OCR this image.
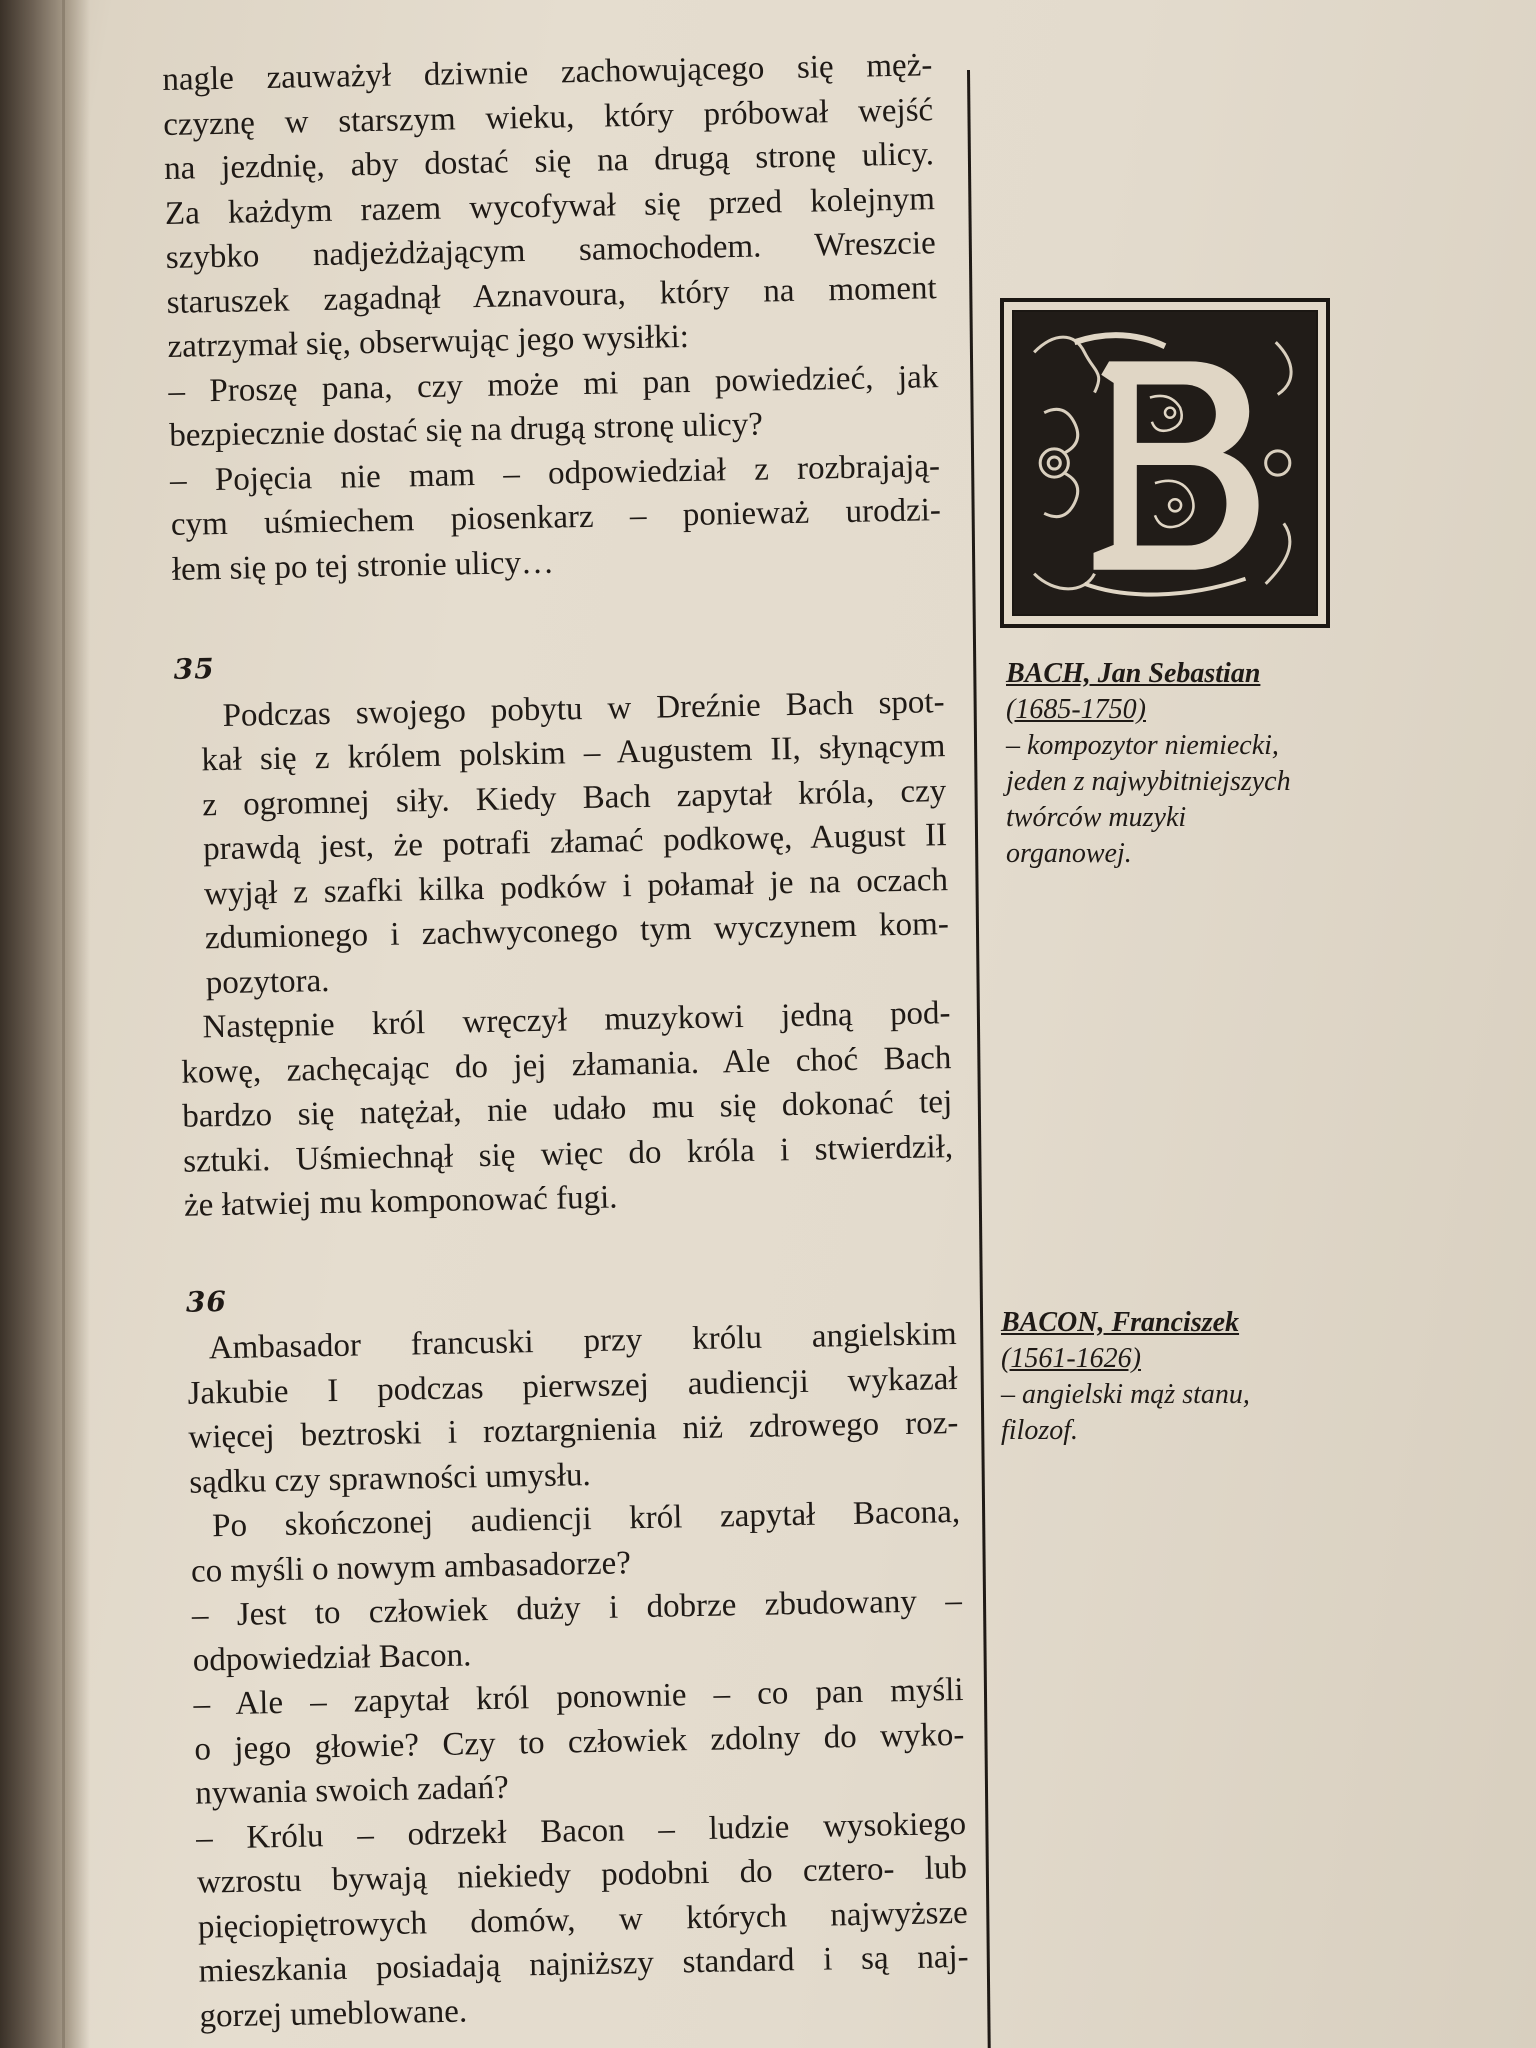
nagle zauważył dziwnie zachowującego się męż-
czyznę w starszym wieku, który próbował wejść
na jezdnię, aby dostać się na drugą stronę ulicy.
Za każdym razem wycofywał się przed kolejnym
szybko nadjeżdżającym samochodem. Wreszcie
staruszek zagadnął Aznavoura, który na moment
zatrzymał się, obserwując jego wysiłki:
– Proszę pana, czy może mi pan powiedzieć, jak
bezpiecznie dostać się na drugą stronę ulicy?
– Pojęcia nie mam – odpowiedział z rozbrajają-
cym uśmiechem piosenkarz – ponieważ urodzi-
łem się po tej stronie ulicy…
35
Podczas swojego pobytu w Dreźnie Bach spot-
kał się z królem polskim – Augustem II, słynącym
z ogromnej siły. Kiedy Bach zapytał króla, czy
prawdą jest, że potrafi złamać podkowę, August II
wyjął z szafki kilka podków i połamał je na oczach
zdumionego i zachwyconego tym wyczynem kom-
pozytora.
Następnie król wręczył muzykowi jedną pod-
kowę, zachęcając do jej złamania. Ale choć Bach
bardzo się natężał, nie udało mu się dokonać tej
sztuki. Uśmiechnął się więc do króla i stwierdził,
że łatwiej mu komponować fugi.
36
Ambasador francuski przy królu angielskim
Jakubie I podczas pierwszej audiencji wykazał
więcej beztroski i roztargnienia niż zdrowego roz-
sądku czy sprawności umysłu.
Po skończonej audiencji król zapytał Bacona,
co myśli o nowym ambasadorze?
– Jest to człowiek duży i dobrze zbudowany –
odpowiedział Bacon.
– Ale – zapytał król ponownie – co pan myśli
o jego głowie? Czy to człowiek zdolny do wyko-
nywania swoich zadań?
– Królu – odrzekł Bacon – ludzie wysokiego
wzrostu bywają niekiedy podobni do cztero- lub
pięciopiętrowych domów, w których najwyższe
mieszkania posiadają najniższy standard i są naj-
gorzej umeblowane.
BACH, Jan Sebastian
(1685-1750)
– kompozytor niemiecki,
jeden z najwybitniejszych
twórców muzyki
organowej.
BACON, Franciszek
(1561-1626)
– angielski mąż stanu,
filozof.
